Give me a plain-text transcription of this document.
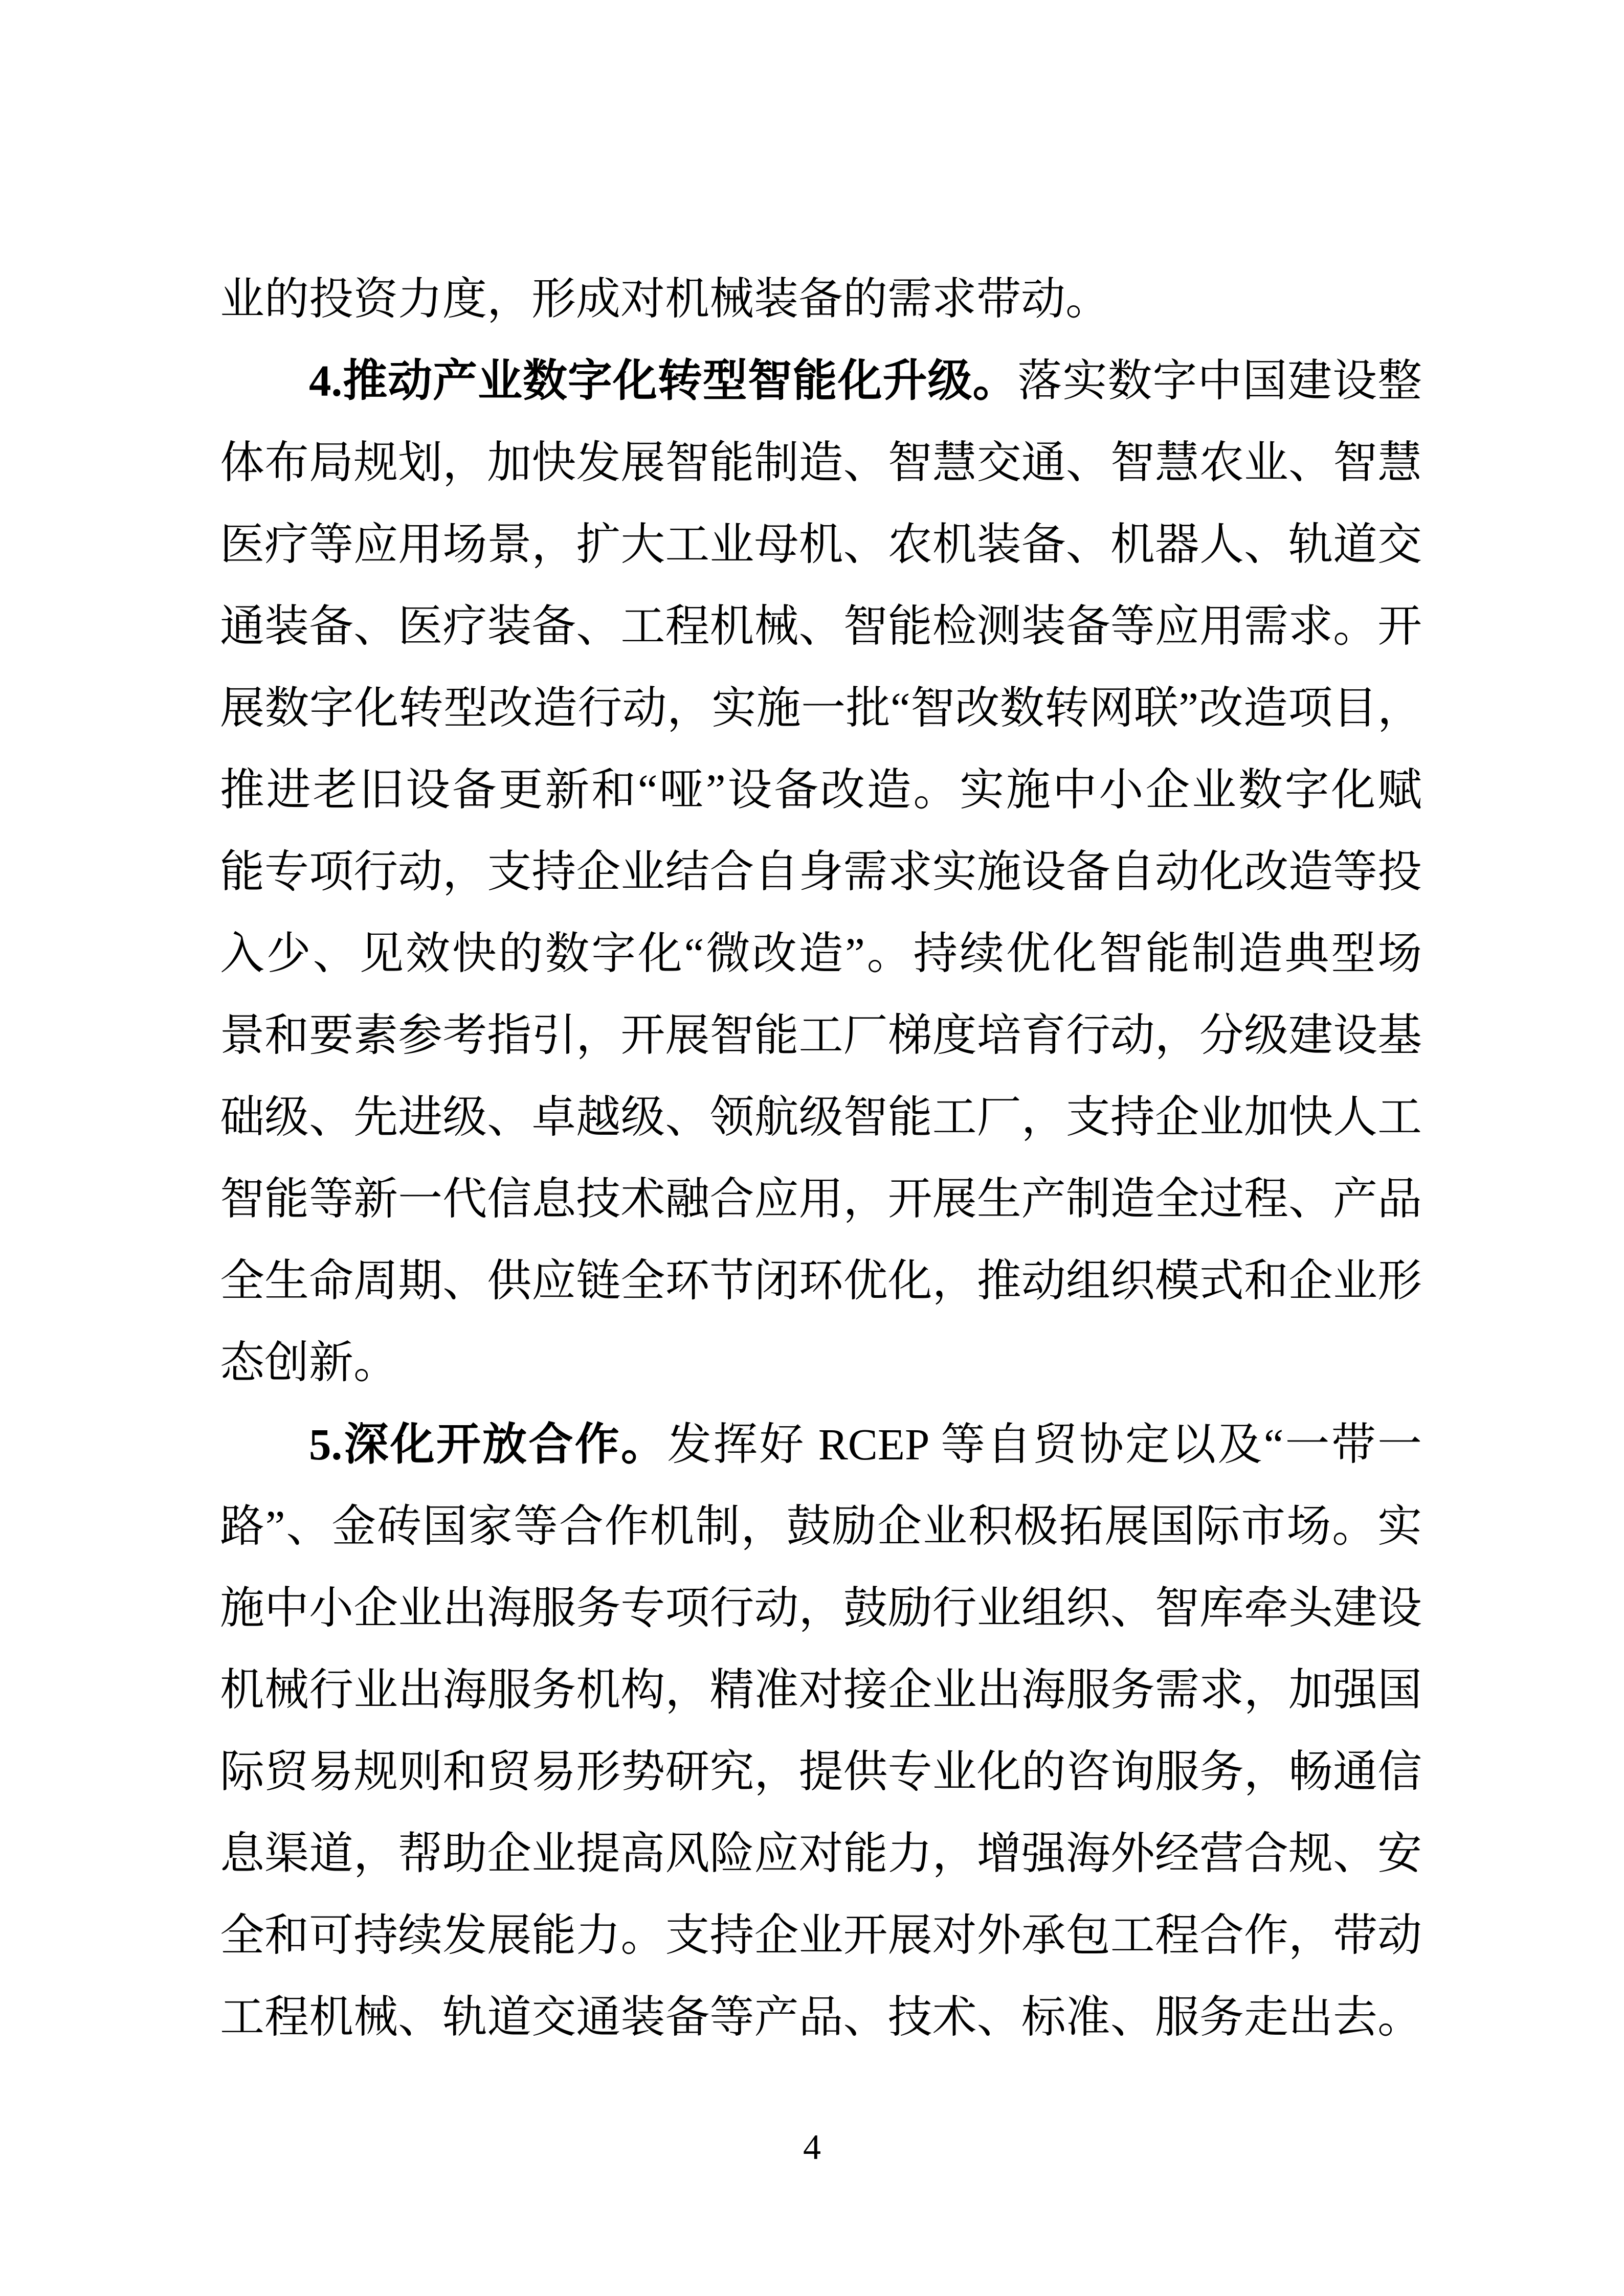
业的投资力度，形成对机械装备的需求带动。
4.推动产业数字化转型智能化升级。落实数字中国建设整
体布局规划，加快发展智能制造、智慧交通、智慧农业、智慧
医疗等应用场景，扩大工业母机、农机装备、机器人、轨道交
通装备、医疗装备、工程机械、智能检测装备等应用需求。开
展数字化转型改造行动，实施一批“智改数转网联”改造项目，
推进老旧设备更新和“哑”设备改造。实施中小企业数字化赋
能专项行动，支持企业结合自身需求实施设备自动化改造等投
入少、见效快的数字化“微改造”。持续优化智能制造典型场
景和要素参考指引，开展智能工厂梯度培育行动，分级建设基
础级、先进级、卓越级、领航级智能工厂，支持企业加快人工
智能等新一代信息技术融合应用，开展生产制造全过程、产品
全生命周期、供应链全环节闭环优化，推动组织模式和企业形
态创新。
5.深化开放合作。发挥好 RCEP 等自贸协定以及“一带一
路”、金砖国家等合作机制，鼓励企业积极拓展国际市场。实
施中小企业出海服务专项行动，鼓励行业组织、智库牵头建设
机械行业出海服务机构，精准对接企业出海服务需求，加强国
际贸易规则和贸易形势研究，提供专业化的咨询服务，畅通信
息渠道，帮助企业提高风险应对能力，增强海外经营合规、安
全和可持续发展能力。支持企业开展对外承包工程合作，带动
工程机械、轨道交通装备等产品、技术、标准、服务走出去。
4
